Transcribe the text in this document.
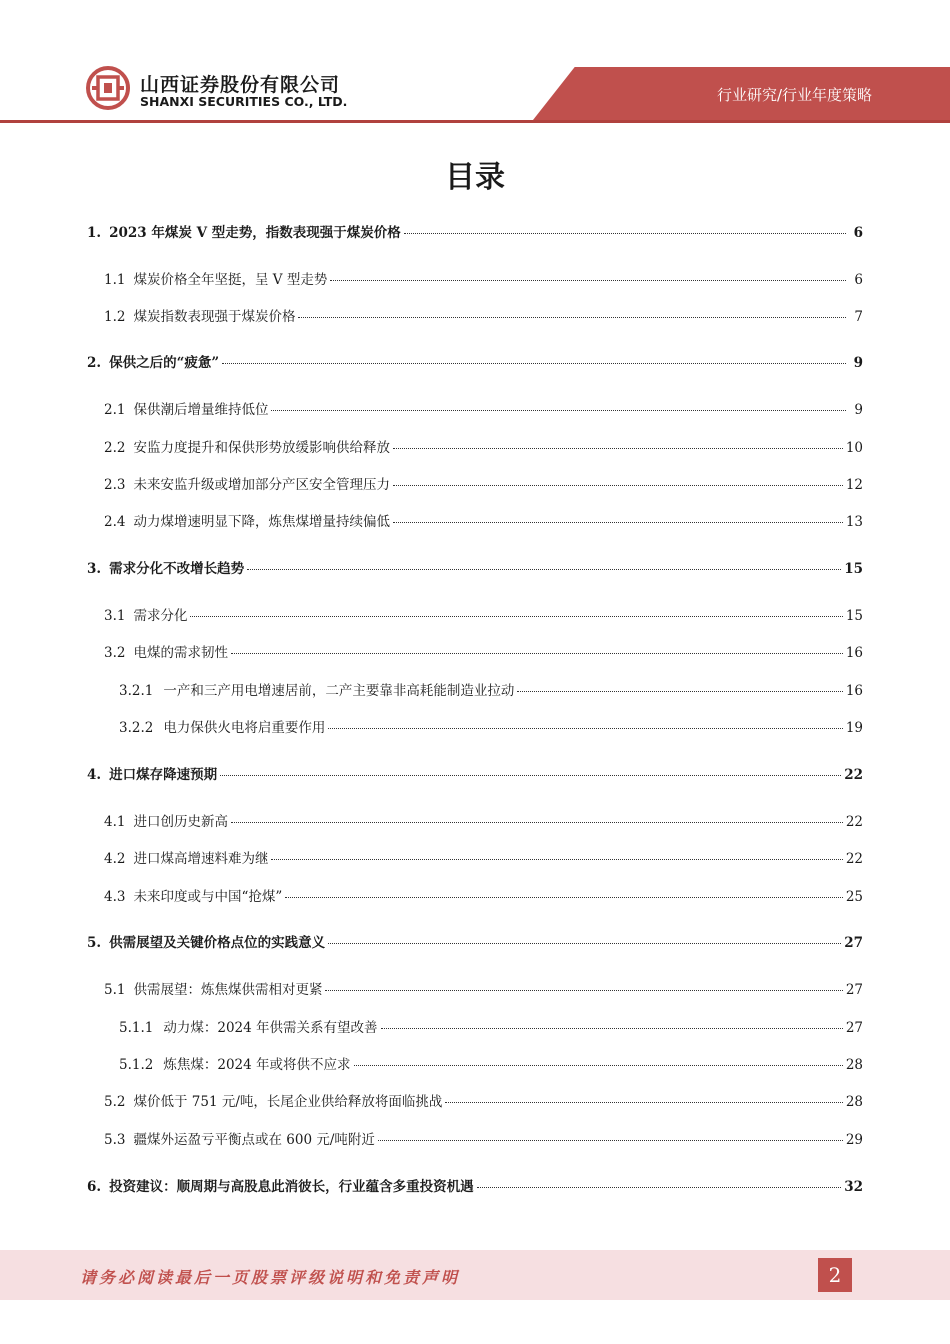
山西证券股份有限公司
SHANXI SECURITIES CO., LTD.	行业研究/行业年度策略
目录
1. 2023 年煤炭 V 型走势，指数表现强于煤炭价格	6
1.1 煤炭价格全年坚挺，呈 V 型走势	6
1.2 煤炭指数表现强于煤炭价格	7
2. 保供之后的“疲惫”	9
2.1 保供潮后增量维持低位	9
2.2 安监力度提升和保供形势放缓影响供给释放	10
2.3 未来安监升级或增加部分产区安全管理压力	12
2.4 动力煤增速明显下降，炼焦煤增量持续偏低	13
3. 需求分化不改增长趋势	15
3.1 需求分化	15
3.2 电煤的需求韧性	16
3.2.1 一产和三产用电增速居前，二产主要靠非高耗能制造业拉动	16
3.2.2 电力保供火电将启重要作用	19
4. 进口煤存降速预期	22
4.1 进口创历史新高	22
4.2 进口煤高增速料难为继	22
4.3 未来印度或与中国“抢煤”	25
5. 供需展望及关键价格点位的实践意义	27
5.1 供需展望：炼焦煤供需相对更紧	27
5.1.1 动力煤：2024 年供需关系有望改善	27
5.1.2 炼焦煤：2024 年或将供不应求	28
5.2 煤价低于 751 元/吨，长尾企业供给释放将面临挑战	28
5.3 疆煤外运盈亏平衡点或在 600 元/吨附近	29
6. 投资建议：顺周期与高股息此消彼长，行业蕴含多重投资机遇	32
请务必阅读最后一页股票评级说明和免责声明	2
